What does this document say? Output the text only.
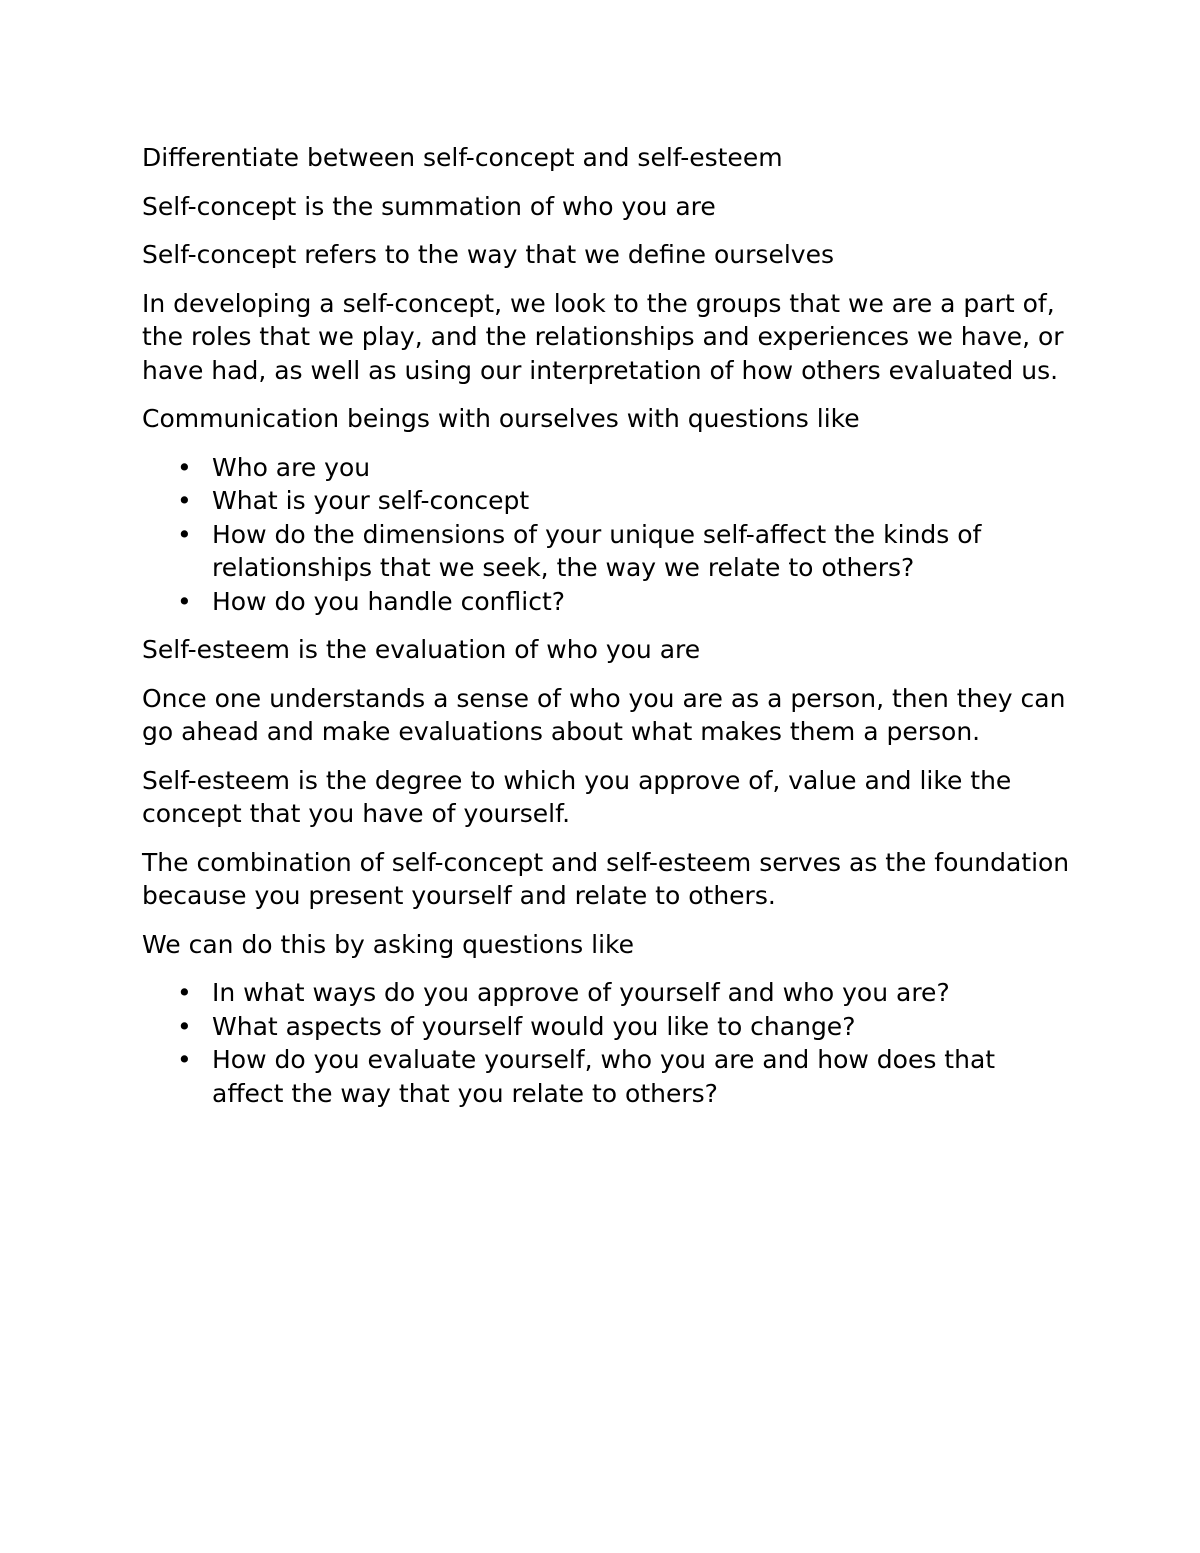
Differentiate between self-concept and self-esteem

Self-concept is the summation of who you are

Self-concept refers to the way that we define ourselves

In developing a self-concept, we look to the groups that we are a part of, the roles that we play, and the relationships and experiences we have, or have had, as well as using our interpretation of how others evaluated us.

Communication beings with ourselves with questions like

• Who are you
• What is your self-concept
• How do the dimensions of your unique self-affect the kinds of relationships that we seek, the way we relate to others?
• How do you handle conflict?

Self-esteem is the evaluation of who you are

Once one understands a sense of who you are as a person, then they can go ahead and make evaluations about what makes them a person.

Self-esteem is the degree to which you approve of, value and like the concept that you have of yourself.

The combination of self-concept and self-esteem serves as the foundation because you present yourself and relate to others.

We can do this by asking questions like

• In what ways do you approve of yourself and who you are?
• What aspects of yourself would you like to change?
• How do you evaluate yourself, who you are and how does that affect the way that you relate to others?
